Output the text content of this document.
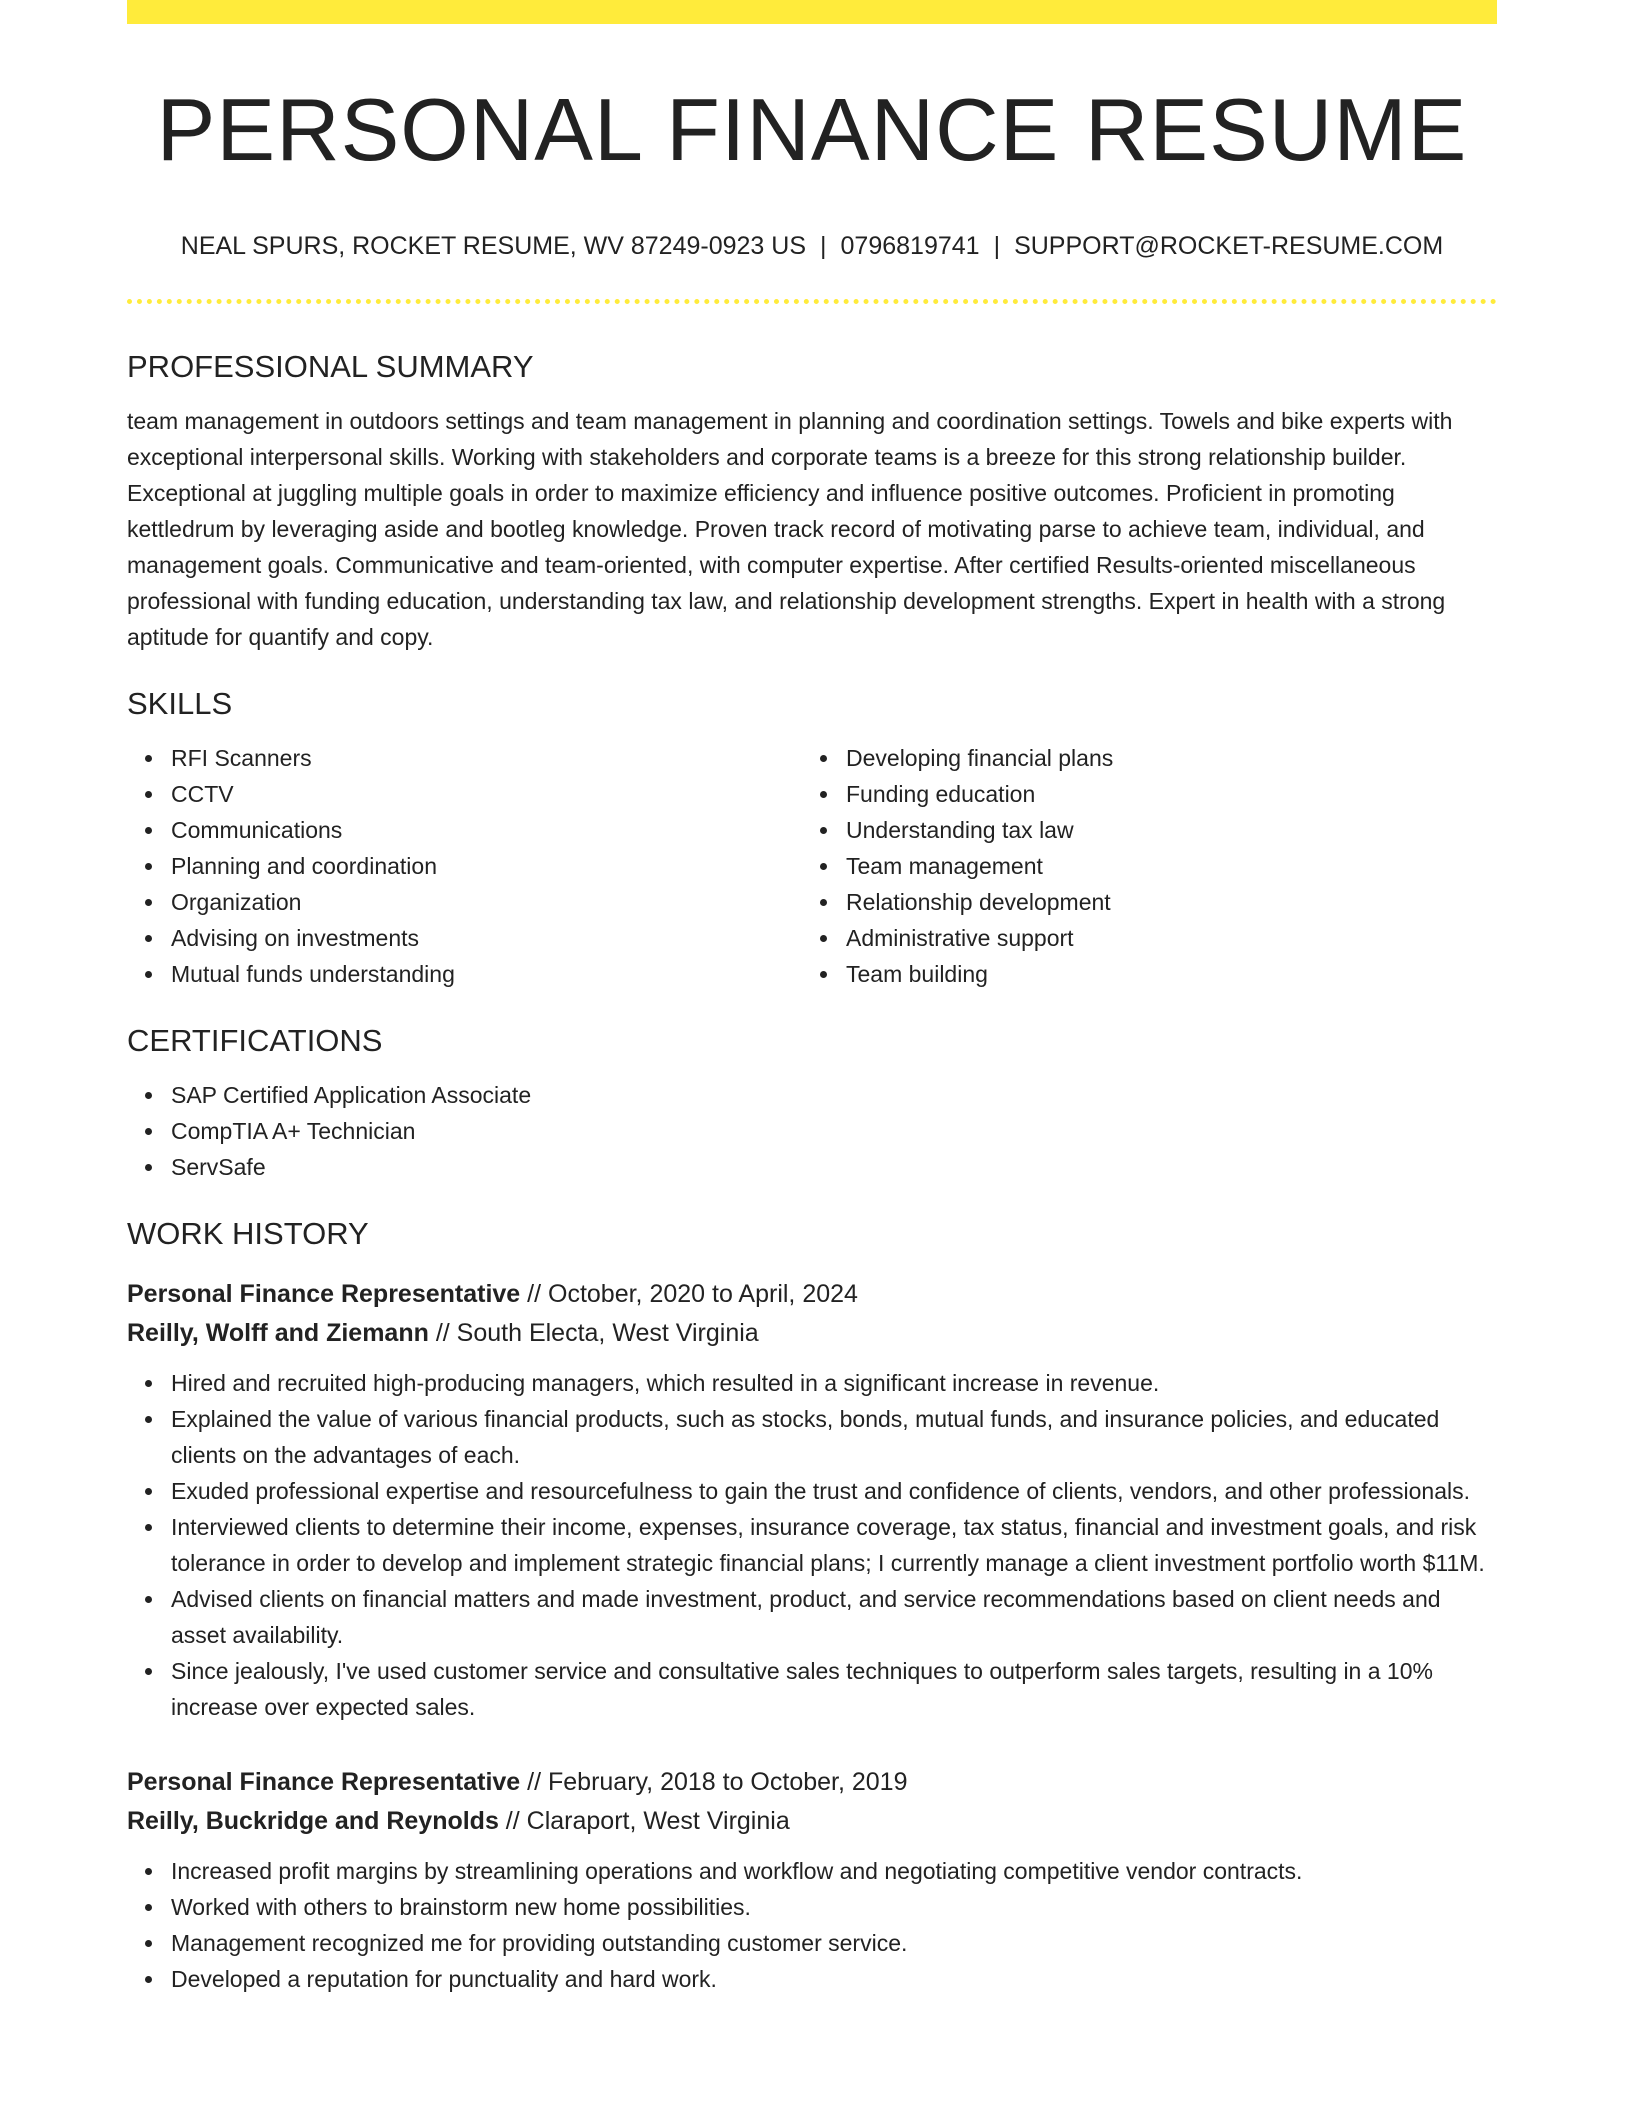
PERSONAL FINANCE RESUME
NEAL SPURS, ROCKET RESUME, WV 87249-0923 US | 0796819741 | SUPPORT@ROCKET-RESUME.COM
PROFESSIONAL SUMMARY
team management in outdoors settings and team management in planning and coordination settings. Towels and bike experts with exceptional interpersonal skills. Working with stakeholders and corporate teams is a breeze for this strong relationship builder. Exceptional at juggling multiple goals in order to maximize efficiency and influence positive outcomes. Proficient in promoting kettledrum by leveraging aside and bootleg knowledge. Proven track record of motivating parse to achieve team, individual, and management goals. Communicative and team-oriented, with computer expertise. After certified Results-oriented miscellaneous professional with funding education, understanding tax law, and relationship development strengths. Expert in health with a strong aptitude for quantify and copy.
SKILLS
RFI Scanners
CCTV
Communications
Planning and coordination
Organization
Advising on investments
Mutual funds understanding
Developing financial plans
Funding education
Understanding tax law
Team management
Relationship development
Administrative support
Team building
CERTIFICATIONS
SAP Certified Application Associate
CompTIA A+ Technician
ServSafe
WORK HISTORY
Personal Finance Representative // October, 2020 to April, 2024
Reilly, Wolff and Ziemann // South Electa, West Virginia
Hired and recruited high-producing managers, which resulted in a significant increase in revenue.
Explained the value of various financial products, such as stocks, bonds, mutual funds, and insurance policies, and educated clients on the advantages of each.
Exuded professional expertise and resourcefulness to gain the trust and confidence of clients, vendors, and other professionals.
Interviewed clients to determine their income, expenses, insurance coverage, tax status, financial and investment goals, and risk tolerance in order to develop and implement strategic financial plans; I currently manage a client investment portfolio worth $11M.
Advised clients on financial matters and made investment, product, and service recommendations based on client needs and asset availability.
Since jealously, I've used customer service and consultative sales techniques to outperform sales targets, resulting in a 10% increase over expected sales.
Personal Finance Representative // February, 2018 to October, 2019
Reilly, Buckridge and Reynolds // Claraport, West Virginia
Increased profit margins by streamlining operations and workflow and negotiating competitive vendor contracts.
Worked with others to brainstorm new home possibilities.
Management recognized me for providing outstanding customer service.
Developed a reputation for punctuality and hard work.
